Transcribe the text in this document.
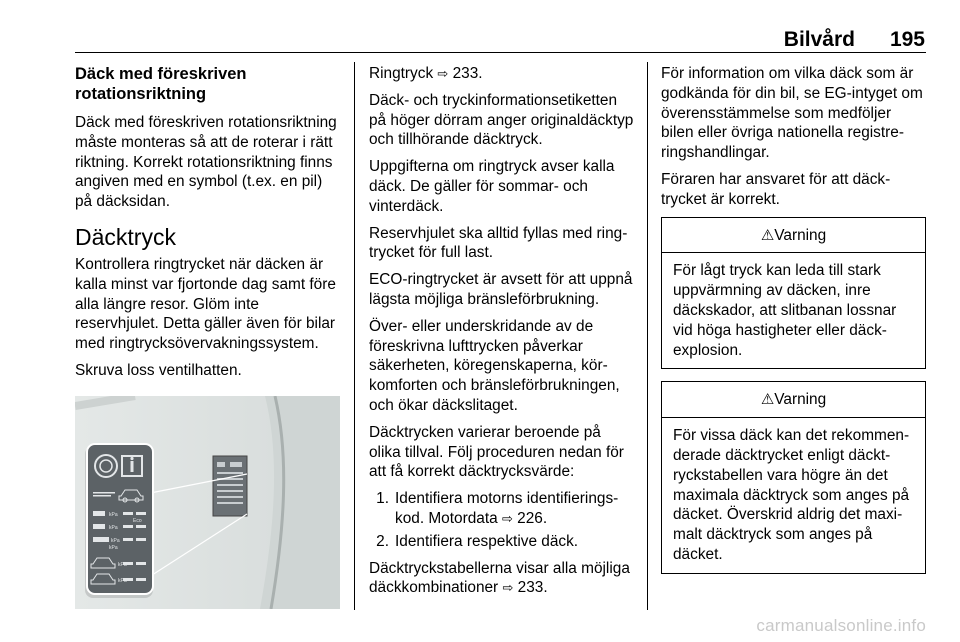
Bilvård	195
Däck med föreskriven rotationsriktning

Däck med föreskriven rotationsriktning måste monteras så att de roterar i rätt riktning. Korrekt rotationsriktning finns angiven med en symbol (t.ex. en pil) på däcksidan.

Däcktryck

Kontrollera ringtrycket när däcken är kalla minst var fjortonde dag samt före alla längre resor. Glöm inte reservhjulet. Detta gäller även för bilar med ringtrycksövervakningssystem.

Skruva loss ventilhatten.

kPa
kPa
kPa
Eco
kPa
kPa
kPa

Ringtryck ⇨ 233.

Däck- och tryckinformationsetiketten på höger dörram anger originaldäcktyp och tillhörande däcktryck.

Uppgifterna om ringtryck avser kalla däck. De gäller för sommar- och vinterdäck.

Reservhjulet ska alltid fyllas med ringtrycket för full last.

ECO-ringtrycket är avsett för att uppnå lägsta möjliga bränsleförbrukning.

Över- eller underskridande av de föreskrivna lufttrycken påverkar säkerheten, köregenskaperna, körkomforten och bränsleförbrukningen, och ökar däckslitaget.

Däcktrycken varierar beroende på olika tillval. Följ proceduren nedan för att få korrekt däcktrycksvärde:

1. Identifiera motorns identifieringskod. Motordata ⇨ 226.
2. Identifiera respektive däck.

Däcktryckstabellerna visar alla möjliga däckkombinationer ⇨ 233.

För information om vilka däck som är godkända för din bil, se EG-intyget om överensstämmelse som medföljer bilen eller övriga nationella registreringshandlingar.

Föraren har ansvaret för att däcktrycket är korrekt.

⚠Varning
För lågt tryck kan leda till stark uppvärmning av däcken, inre däckskador, att slitbanan lossnar vid höga hastigheter eller däckexplosion.
⚠Varning
För vissa däck kan det rekommenderade däcktrycket enligt däcktryckstabellen vara högre än det maximala däcktryck som anges på däcket. Överskrid aldrig det maximalt däcktryck som anges på däcket.
carmanualsonline.info
